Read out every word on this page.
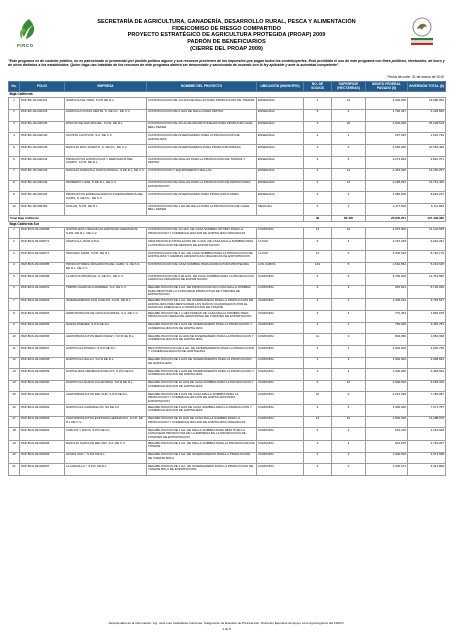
FIRCO
SECRETARÍA DE AGRICULTURA, GANADERÍA, DESARROLLO RURAL, PESCA Y ALIMENTACIÓN
FIDEICOMISO DE RIESGO COMPARTIDO
PROYECTO ESTRATÉGICO DE AGRICULTURA PROTEGIDA (PROAP) 2009
PADRÓN DE BENEFICIARIOS
(CIERRE DEL PROAP 2009)
"Este programa es de carácter público, no es patrocinado ni promovido por partido político alguno y sus recursos provienen de los impuestos que pagan todos los contribuyentes. Está prohibido el uso de este programa con fines políticos, electorales, de lucro y de otros distintos a los establecidos. Quien haga uso indebido de los recursos de este programa deberá ser denunciado y sancionado de acuerdo con la ley aplicable y ante la autoridad competente".
Fecha de corte: 31 de marzo de 2010
No.	FOLIO	EMPRESA	NOMBRE DEL PROYECTO	UBICACIÓN (MUNICIPIO)	NO. DE SOCIOS	SUPERFICIE (HECTÁREAS)	MONTO FEDERAL PAGADO ($)	INVERSIÓN TOTAL ($)
Baja California								
1	PAP-BC-09-000131	AGRICOLA EL NIDO, S.P.R DE R.L.	CONSTRUCCION DE 14 HAS DE MALLAS PARA PRODUCCION DE TOMATE	ENSENADA	4	14	4,200,000	19,080,952
2	PAP-BC-09-000133	AGRICOLA COSTA OESTE, S. DE R.L. DE C.V	CONSTRUCCION DE 6 HAS DE MALLA PARA PEPINO	ENSENADA	8	6	1,796,467	6,148,666
3	PAP-BC-09-000135	RINCON DE SAN MIGUEL, S.P.R. DE R.L	CONSTRUCCION DE 20 HA DE MACROTUNELES PARA PRODUCIR CHILE BELL PEPER	ENSENADA	3	20	4,500,000	25,229,518
4	PAP-BC-09-000140	ACOSTA CULTIVOS, S.A. DE C.V.	CONSTRUCCION DE INVERNADERO PARA LA PRODUCCION DE HORTALIZAS	ENSENADA	2	1	267,625	1,001,729
5	PAP-BC-09-000136	RANCHO DON JUANITO, S. DE R.L. DE C.V.	CONSTRUCCION DE INVERNADEROS PARA PRODUCIR FRESAS	ENSENADA	3	6	4,650,000	20,554,490
6	PAP-BC-09-000144	PRODUCTOS HORTICOLAS Y DERIVADOS DEL CAMPO, S.P.R. DE R.L	CONSTRUCCION DE MALLAS PARA LA PRODUCCION DE TOMATE Y PEPINO	ENSENADA	3	5	2,274,829	9,891,371
7	PAP-BC-09-000132	RANCHO AGRICOLA SANTA MONICA, S.DE R.L. DE C.V.	CONSTRUCCION Y EQUIPAMIENTO MALLAS	ENSENADA	3	12	2,454,930	14,250,257
8	PAP-BC-09-000139	SM BERRY LANE, S.DE R.L. DE C.V.	CONSTRUCCION DE MALLAS PARA LA PRODUCCION DE PEPINO PARA EXPORTACION	ENSENADA	4	12	2,238,991	15,751,462
9	PAP-BC-09-000125	PRODUCTOS ESPECIALIZADOS INVERNADEROS DEL OASIS, S. DE R.L. DE C.V.	CONSTRUCCION DE INVERNADERO PARA PRODUCIR FLORES	ENSENADA	3	4	1,980,000	8,819,237
10	PAP-BC-09-000159	OCILAN, S.P.R. DE R.L.	CONSTRUCCION DE 3 HA DE MALLA PARA LA PRODUCCION DE CHILE BELL PEPER	MEXICALI	5	3	1,477,509	6,711,849
Total Baja California					38	83.400	25,840,351	127,439,380
Baja California Sur								
1	PAP-BCS-09-000088	HORTALIZAS ORGANICAS ESPINOZA HERMANOS, S.P.R. DE R.L. DE C.V.	CONSTRUCCION DE 10 HAS. DE CASA SOMBRA OPTIMIT PARA LA PRODUCCION Y COMERCIALIZACION DE HORTALIZAS ORGANICAS	COMONDU	13	10	4,075,000	13,144,565
2	PAP-BCS-09-000071	AGRICOLA JANIA S.P.R.	ADQUISICION E INSTALACION DE 4 HAS. DE CASA MALLA SOMBRA PARA LA PRODUCCION DE PEPINOS DE EXPORTACION	LA PAZ	6	4	2,197,318	9,292,261
3	PAP-BCS-09-000077	ORGANIC FARM, S.P.R. DE R.L.	CONSTRUCCION DE 5 HA. DE CASA SOMBRA PARA LA PRODUCCION DE HORTALIZAS Y HIERBAS AROMATICAS ORGANICAS DE EXPORTACION	LA PAZ	12	5	3,006,516	8,740,179
4	PAP-BCS-09-000085	PRODUCTORES ORGANICOS DEL CABO, S. DE S.S. DE R.L. DE C.V.	CONSTRUCCION DE CASA SOMBRA PARA AGRICULTURA PROTEGIDA	LOS CABOS	143	5	1,640,862	5,216,625
5	PAP-BCS-09-000058	LA REYNA PRODUCE, S. DE R.L. DE C.V.	CONSTRUCCION DE 5.00 HAS. DE CASA SOMBRA PARA LA PRODUCCION AGRICOLA ORGANICA DE EXPORTACION	COMONDU	5	5	3,700,000	12,351,555
6	PAP-BCS-09-000051	TIMPRO AGRICOLA RAMIREZ, S.A. DE C.V.	REHABILITACION DE 3 HA. DE PRODUCCION EN CASA MALLA SOMBRA PARA RESTITUIR LA CAPACIDAD PRODUCTIVA DE TOMATES DE EXPORTACION	COMONDU	6	3	645,921	8,736,096
7	PAP-BCS-09-000053	INVERNADEROS SAN CARLOS, S.P.R. DE R.L.	REHABILITACION DE 2 HA. DE INVERNADERO PARA LA PRODUCCION DE HORTALIZAS PARA RESTAURAR LOS DAÑOS OCASIONADOS POR EL HURACAN JIMENA EN LA PRODUCCION DE TOMATE	COMONDU	3	2	1,405,222	4,729,527
8	PAP-BCS-09-000054	HIDROPONICOS DE OJOCALIFORNIA, S.A. DE C.V.	REHABILITACION DE 1.1 HECTAREAS DE CASA MALLA SOMBRA PARA PRODUCCION SEDIANTE HIDROPONIA DE TOMATES DE EXPORTACION	COMONDU	3	4	770,464	1,893,978
9	PAP-BCS-09-000055	NUEVA JIMENEZ, S.P.R DE R.L.	REHABILITACION DE 2 HAS DE INVERNADERO PARA LA PRODUCCION Y COMERCIALIZACION DE HORTALIZAS	COMONDU	3	2	750,000	2,465,781
10	PAP-BCS-09-000056	AGROPRODUCTOS MERCONCEY, S.P.R DE R.L.	REHABILITACION DE 11 HAS DE INVERNADERO PARA LA PRODUCCION Y COMERCIALIZACION DE HORTALIZAS	COMONDU	11	3	802,050	1,866,968
11	PAP-BCS-09-000057	HORTICOLA PICENO, S.P.R DE R.L.	RECONSTRUCCION DE 3 HA. DE INVERNADEROS PARA LA PRODUCCION Y COMERCIALIZACION DE HORTALIZAS	COMONDU	3	3	1,000,000	4,290,795
12	PAP-BCS-09-000058	HORTICOLA SALLO, S.P.R DE R.L.	REHABILITACION DE 3 HAS DE INVERNADEROS PARA LA PRODUCCION DE HORTALIZAS	COMONDU	3	3	1,500,000	3,998,842
13	PAP-BCS-09-000059	HORTALIZAS HERMANOS FELIX'S, S.P.R DE R.L.	REHABILITACION DE 3 HAS DE INVERNADEROS PARA LA PRODUCCION Y COMERCIALIZACION DE HORTALIZAS	COMONDU	3	3	1,200,000	5,468,693
14	PAP-BCS-09-000060	HORTICOLA NUEVA CALIFORNIA, S.P.R DE R.L.	REHABILITACION DE 10 HAS DE CASA SOMBRA PARA LA PRODUCCION Y COMERCIALIZACION DE HORTALIZAS	COMONDU	5	10	2,500,000	6,648,326
15	PAP-BCS-09-000061	AGROPRODUCTOS DEL SUR, S.P.R DE R.L.	REHABILITACION DE 9 HAS DE CASA MALLA SOMBRA PARA LA PRODUCCION Y COMERCIALIZACION DE HORTALIZAS PARA EXPORTACION	COMONDU	10	9	2,291,099	7,155,987
16	PAP-BCS-09-000062	HORTICOLA CAMARILLOS, SA DE CV	REHABILITACION DE 5 HAS DE CASA SOMBRA PARA LA PRODUCCION Y COMERCIALIZACION DE HORTALIZAS	COMONDU	3	5	1,500,000	7,671,787
17	PAP-BCS-09-000063	AGROPRODUCTOS ESPINOZA HERMANOS, S.P.R. DE R.L DE C.V.	REHABILITACION DE 10 HAS DE CASA MALLA SOMBRA PARA LA PRODUCCION Y COMERCIALIZACION DE HORTALIZAS ORGANICAS	COMONDU	13	10	2,500,000	15,288,978
18	PAP-BCS-09-000064	CARLOS Y HNOS, S.P.R DE R.L	REHABILITACION DE 2 HA. DE MALLA SOMBRA PARA RESTITUIR LA CAPACIDAD PRODUCTIVA DE LA EMPRESA EN LA PRODUCCION DE TOMATES DE EXPORTACION	COMONDU	3	2	643,416	2,146,928
19	PAP-BCS-09-000065	RANCHO SANTA FE DEL RIO, S.A. DE C.V.	REHABILITACION DE 3 HA. DE MALLA SOMBRA PARA LA PRODUCCION DE TOMATE	COMONDU	3	3	642,576	2,794,297
20	PAP-BCS-09-000066	AVILES SUN ", S.P.R DE R.L	REHABILITACION DE 3 HA. DE INVERNADEROS PARA LA PRODUCCION DE TOMATE BOLA	COMONDU	3	3	1,000,000	3,974,568
21	PAP-BCS-09-000067	LA GRAVILLA ", S.P.R. DE R.L	REHABILITACION DE 2 HA. DE INVERNADERO PARA LA PRODUCCION DE TOMATE BOLA DE EXPORTACION	COMONDU	3	2	1,000,974	3,013,808
Responsable de la información: Ing. José Luis Castañeda Contreras, Subgerente de Estudios de Preinversión, Dirección Ejecutiva de Apoyo a los Agronegocios del FIRCO.
1 de 5
